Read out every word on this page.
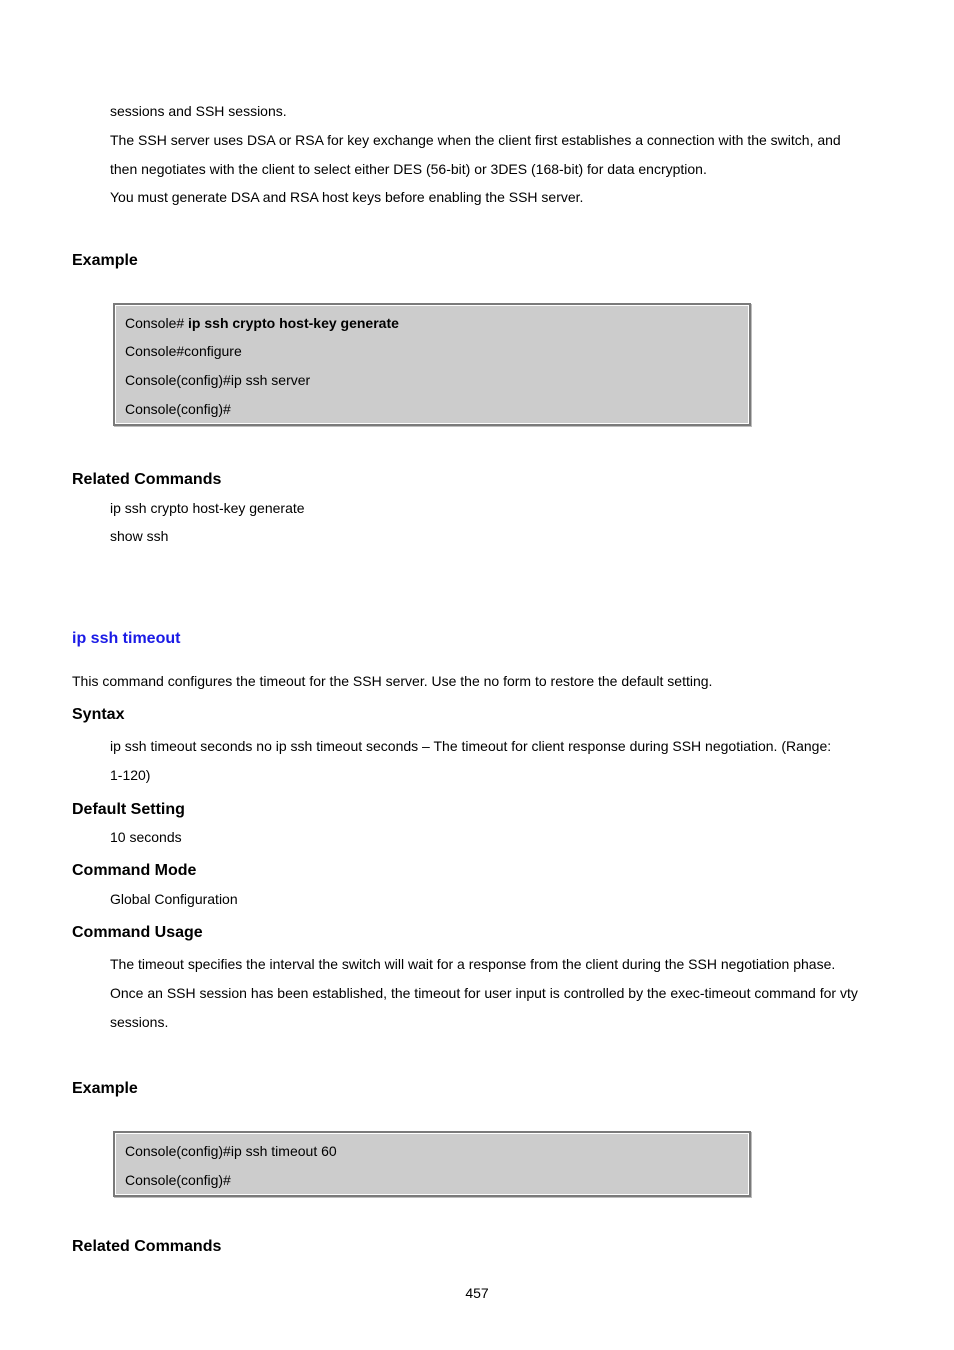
sessions and SSH sessions.
The SSH server uses DSA or RSA for key exchange when the client first establishes a connection with the switch, and
then negotiates with the client to select either DES (56-bit) or 3DES (168-bit) for data encryption.
You must generate DSA and RSA host keys before enabling the SSH server.
Example
Console# ip ssh crypto host-key generate
Console#configure
Console(config)#ip ssh server
Console(config)#
Related Commands
ip ssh crypto host-key generate
show ssh
ip ssh timeout
This command configures the timeout for the SSH server. Use the no form to restore the default setting.
Syntax
ip ssh timeout seconds no ip ssh timeout seconds – The timeout for client response during SSH negotiation. (Range:
1-120)
Default Setting
10 seconds
Command Mode
Global Configuration
Command Usage
The timeout specifies the interval the switch will wait for a response from the client during the SSH negotiation phase.
Once an SSH session has been established, the timeout for user input is controlled by the exec-timeout command for vty
sessions.
Example
Console(config)#ip ssh timeout 60
Console(config)#
Related Commands
457
